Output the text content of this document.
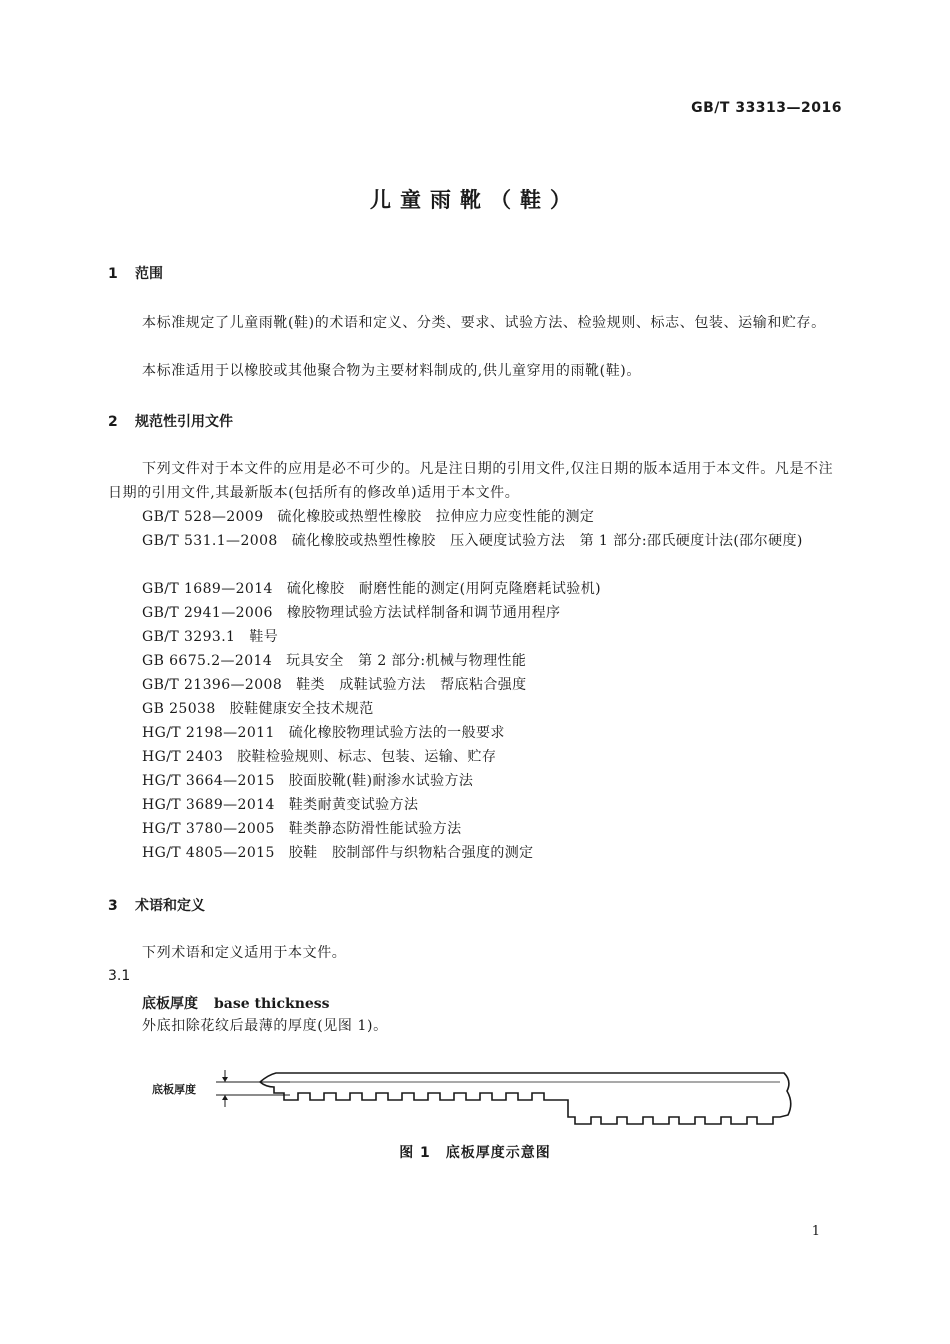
GB/T 33313—2016
儿童雨靴（鞋）
1 范围
本标准规定了儿童雨靴(鞋)的术语和定义、分类、要求、试验方法、检验规则、标志、包装、运输和贮存。
本标准适用于以橡胶或其他聚合物为主要材料制成的,供儿童穿用的雨靴(鞋)。
2 规范性引用文件
下列文件对于本文件的应用是必不可少的。凡是注日期的引用文件,仅注日期的版本适用于本文件。凡是不注日期的引用文件,其最新版本(包括所有的修改单)适用于本文件。
GB/T 528—2009 硫化橡胶或热塑性橡胶　拉伸应力应变性能的测定
GB/T 531.1—2008 硫化橡胶或热塑性橡胶　压入硬度试验方法　第 1 部分:邵氏硬度计法(邵尔硬度)
GB/T 1689—2014 硫化橡胶　耐磨性能的测定(用阿克隆磨耗试验机)
GB/T 2941—2006 橡胶物理试验方法试样制备和调节通用程序
GB/T 3293.1 鞋号
GB 6675.2—2014 玩具安全　第 2 部分:机械与物理性能
GB/T 21396—2008 鞋类　成鞋试验方法　帮底粘合强度
GB 25038 胶鞋健康安全技术规范
HG/T 2198—2011 硫化橡胶物理试验方法的一般要求
HG/T 2403 胶鞋检验规则、标志、包装、运输、贮存
HG/T 3664—2015 胶面胶靴(鞋)耐渗水试验方法
HG/T 3689—2014 鞋类耐黄变试验方法
HG/T 3780—2005 鞋类静态防滑性能试验方法
HG/T 4805—2015 胶鞋　胶制部件与织物粘合强度的测定
3 术语和定义
下列术语和定义适用于本文件。
3.1
底板厚度 base thickness
外底扣除花纹后最薄的厚度(见图 1)。
底板厚度
图 1　底板厚度示意图
1
